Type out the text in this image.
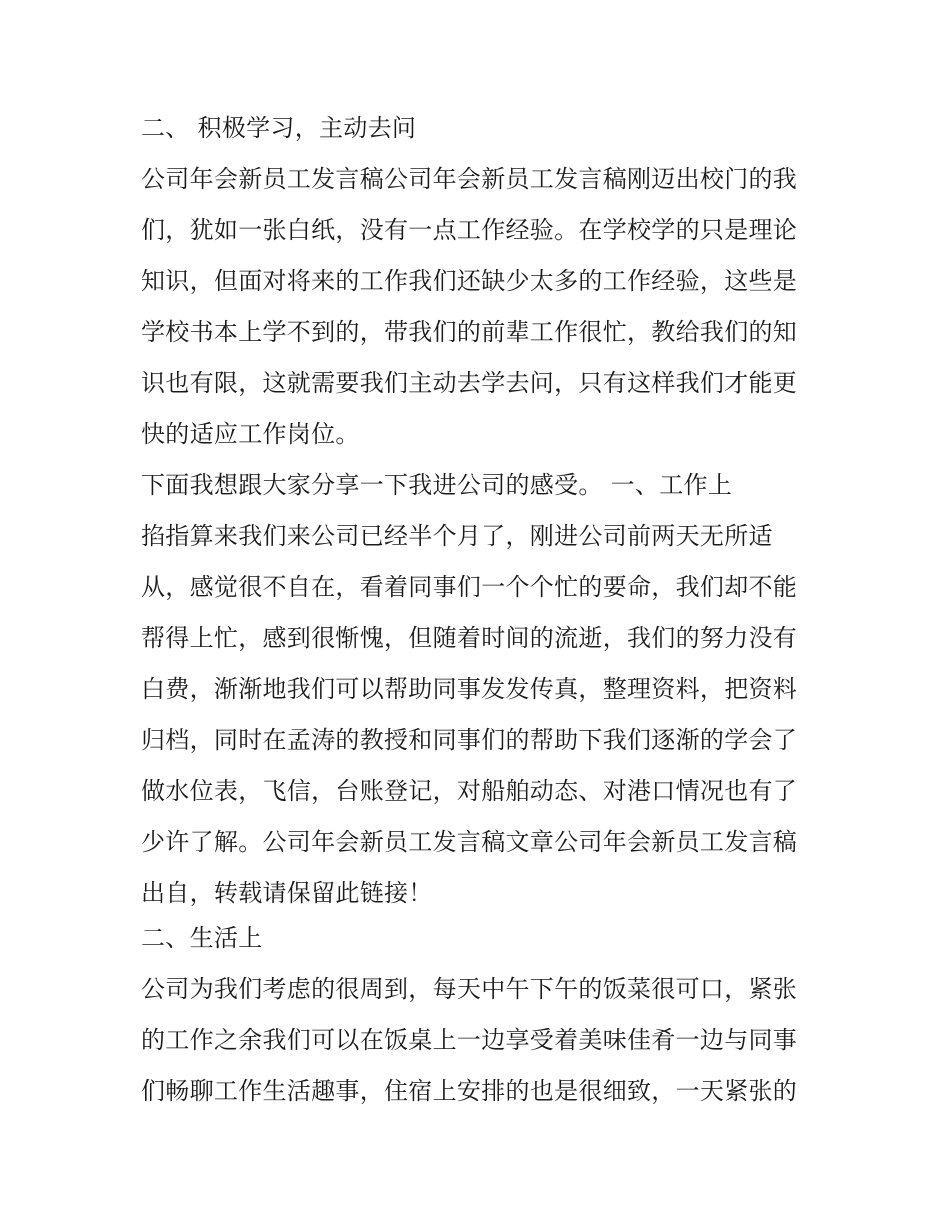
二、 积极学习，主动去问

公司年会新员工发言稿公司年会新员工发言稿刚迈出校门的我

们，犹如一张白纸，没有一点工作经验。在学校学的只是理论

知识，但面对将来的工作我们还缺少太多的工作经验，这些是

学校书本上学不到的，带我们的前辈工作很忙，教给我们的知

识也有限，这就需要我们主动去学去问，只有这样我们才能更

快的适应工作岗位。

下面我想跟大家分享一下我进公司的感受。 一、工作上

掐指算来我们来公司已经半个月了，刚进公司前两天无所适

从，感觉很不自在，看着同事们一个个忙的要命，我们却不能

帮得上忙，感到很惭愧，但随着时间的流逝，我们的努力没有

白费，渐渐地我们可以帮助同事发发传真，整理资料，把资料

归档，同时在孟涛的教授和同事们的帮助下我们逐渐的学会了

做水位表，飞信，台账登记，对船舶动态、对港口情况也有了

少许了解。公司年会新员工发言稿文章公司年会新员工发言稿

出自，转载请保留此链接！

二、生活上

公司为我们考虑的很周到，每天中午下午的饭菜很可口，紧张

的工作之余我们可以在饭桌上一边享受着美味佳肴一边与同事

们畅聊工作生活趣事，住宿上安排的也是很细致，一天紧张的
